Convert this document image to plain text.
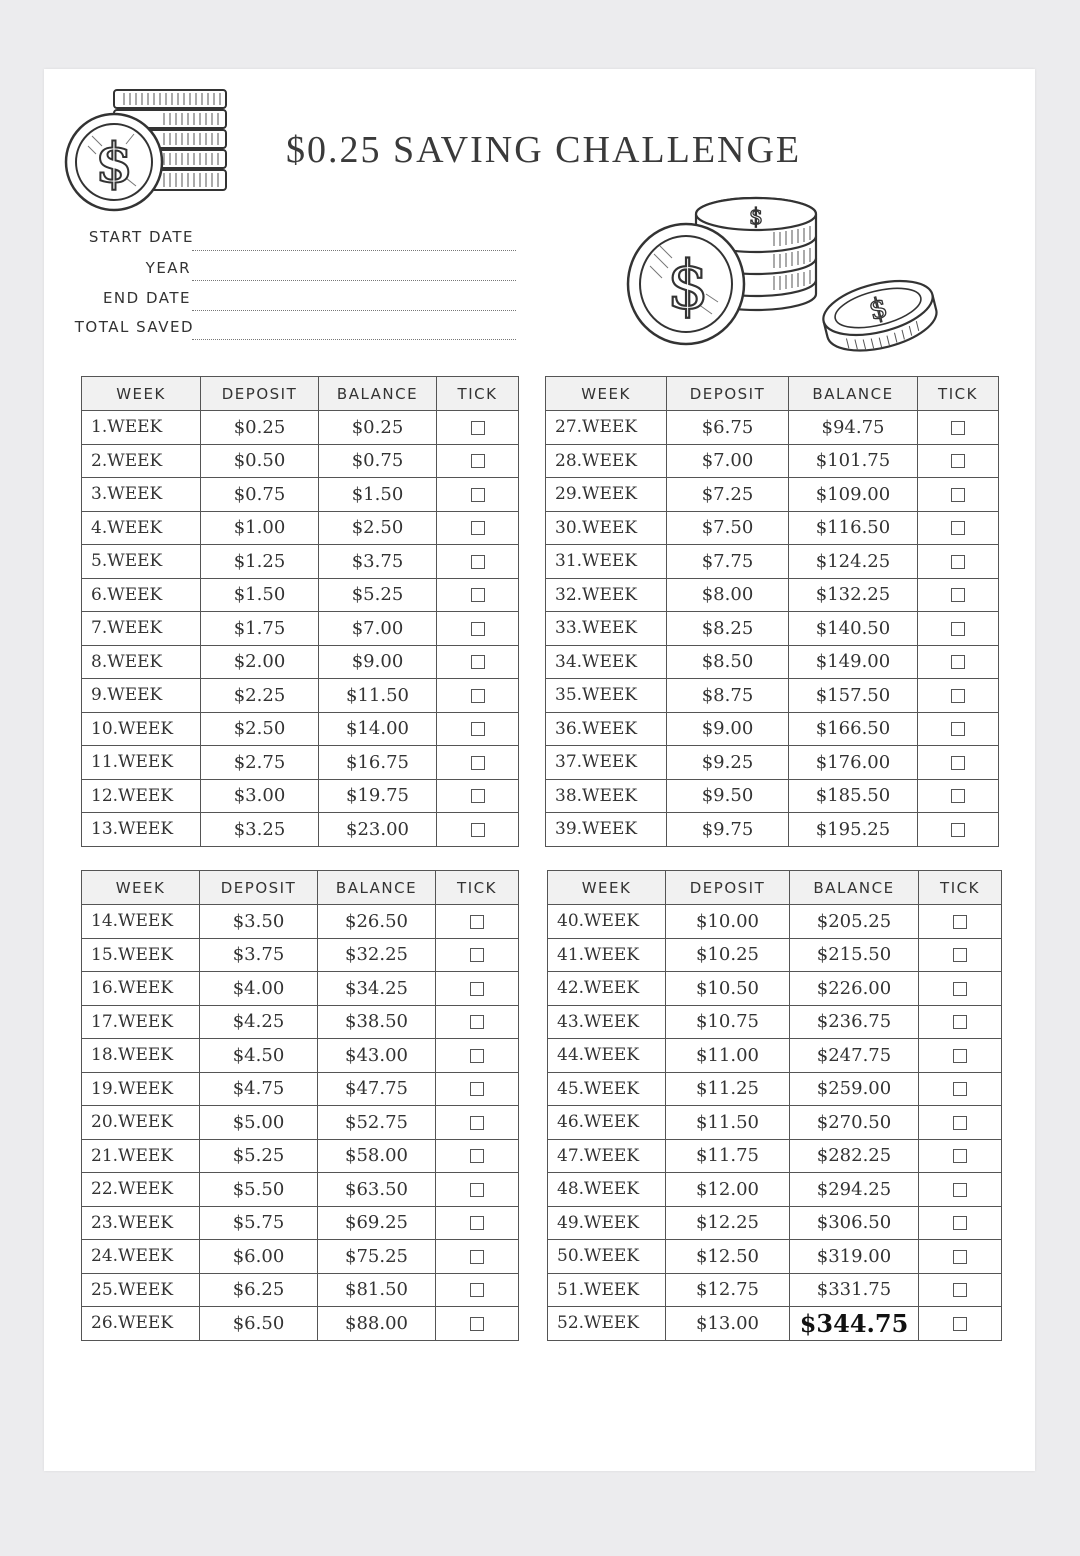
$
$
$	$
$0.25 SAVING CHALLENGE
START DATE
YEAR
END DATE
TOTAL SAVED
WEEK	DEPOSIT	BALANCE	TICK
1.WEEK	$0.25	$0.25	
2.WEEK	$0.50	$0.75	
3.WEEK	$0.75	$1.50	
4.WEEK	$1.00	$2.50	
5.WEEK	$1.25	$3.75	
6.WEEK	$1.50	$5.25	
7.WEEK	$1.75	$7.00	
8.WEEK	$2.00	$9.00	
9.WEEK	$2.25	$11.50	
10.WEEK	$2.50	$14.00	
11.WEEK	$2.75	$16.75	
12.WEEK	$3.00	$19.75	
13.WEEK	$3.25	$23.00	
WEEK	DEPOSIT	BALANCE	TICK
27.WEEK	$6.75	$94.75	
28.WEEK	$7.00	$101.75	
29.WEEK	$7.25	$109.00	
30.WEEK	$7.50	$116.50	
31.WEEK	$7.75	$124.25	
32.WEEK	$8.00	$132.25	
33.WEEK	$8.25	$140.50	
34.WEEK	$8.50	$149.00	
35.WEEK	$8.75	$157.50	
36.WEEK	$9.00	$166.50	
37.WEEK	$9.25	$176.00	
38.WEEK	$9.50	$185.50	
39.WEEK	$9.75	$195.25	
WEEK	DEPOSIT	BALANCE	TICK
14.WEEK	$3.50	$26.50	
15.WEEK	$3.75	$32.25	
16.WEEK	$4.00	$34.25	
17.WEEK	$4.25	$38.50	
18.WEEK	$4.50	$43.00	
19.WEEK	$4.75	$47.75	
20.WEEK	$5.00	$52.75	
21.WEEK	$5.25	$58.00	
22.WEEK	$5.50	$63.50	
23.WEEK	$5.75	$69.25	
24.WEEK	$6.00	$75.25	
25.WEEK	$6.25	$81.50	
26.WEEK	$6.50	$88.00	
WEEK	DEPOSIT	BALANCE	TICK
40.WEEK	$10.00	$205.25	
41.WEEK	$10.25	$215.50	
42.WEEK	$10.50	$226.00	
43.WEEK	$10.75	$236.75	
44.WEEK	$11.00	$247.75	
45.WEEK	$11.25	$259.00	
46.WEEK	$11.50	$270.50	
47.WEEK	$11.75	$282.25	
48.WEEK	$12.00	$294.25	
49.WEEK	$12.25	$306.50	
50.WEEK	$12.50	$319.00	
51.WEEK	$12.75	$331.75	
52.WEEK	$13.00	$344.75	
